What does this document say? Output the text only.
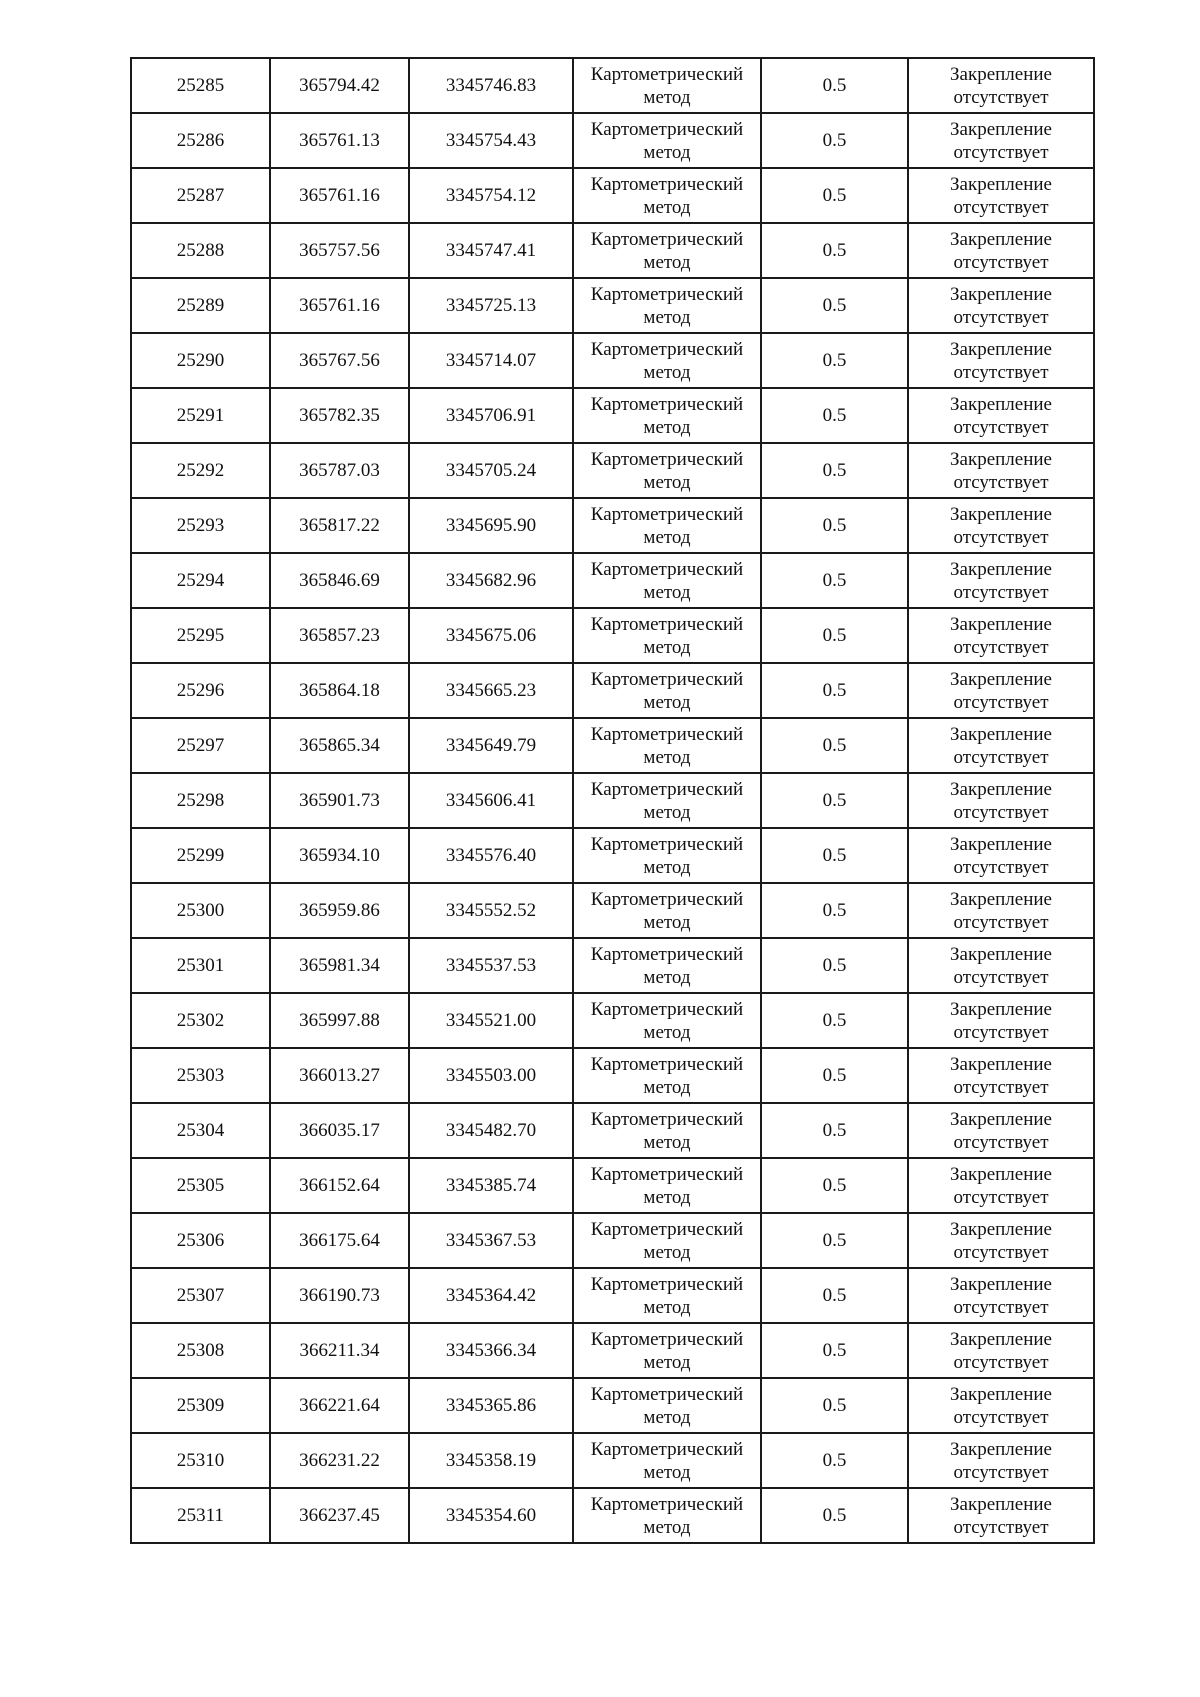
25285	365794.42	3345746.83	Картометрический
метод	0.5	Закрепление
отсутствует

25286	365761.13	3345754.43	Картометрический
метод	0.5	Закрепление
отсутствует

25287	365761.16	3345754.12	Картометрический
метод	0.5	Закрепление
отсутствует

25288	365757.56	3345747.41	Картометрический
метод	0.5	Закрепление
отсутствует

25289	365761.16	3345725.13	Картометрический
метод	0.5	Закрепление
отсутствует

25290	365767.56	3345714.07	Картометрический
метод	0.5	Закрепление
отсутствует

25291	365782.35	3345706.91	Картометрический
метод	0.5	Закрепление
отсутствует

25292	365787.03	3345705.24	Картометрический
метод	0.5	Закрепление
отсутствует

25293	365817.22	3345695.90	Картометрический
метод	0.5	Закрепление
отсутствует

25294	365846.69	3345682.96	Картометрический
метод	0.5	Закрепление
отсутствует

25295	365857.23	3345675.06	Картометрический
метод	0.5	Закрепление
отсутствует

25296	365864.18	3345665.23	Картометрический
метод	0.5	Закрепление
отсутствует

25297	365865.34	3345649.79	Картометрический
метод	0.5	Закрепление
отсутствует

25298	365901.73	3345606.41	Картометрический
метод	0.5	Закрепление
отсутствует

25299	365934.10	3345576.40	Картометрический
метод	0.5	Закрепление
отсутствует

25300	365959.86	3345552.52	Картометрический
метод	0.5	Закрепление
отсутствует

25301	365981.34	3345537.53	Картометрический
метод	0.5	Закрепление
отсутствует

25302	365997.88	3345521.00	Картометрический
метод	0.5	Закрепление
отсутствует

25303	366013.27	3345503.00	Картометрический
метод	0.5	Закрепление
отсутствует

25304	366035.17	3345482.70	Картометрический
метод	0.5	Закрепление
отсутствует

25305	366152.64	3345385.74	Картометрический
метод	0.5	Закрепление
отсутствует

25306	366175.64	3345367.53	Картометрический
метод	0.5	Закрепление
отсутствует

25307	366190.73	3345364.42	Картометрический
метод	0.5	Закрепление
отсутствует

25308	366211.34	3345366.34	Картометрический
метод	0.5	Закрепление
отсутствует

25309	366221.64	3345365.86	Картометрический
метод	0.5	Закрепление
отсутствует

25310	366231.22	3345358.19	Картометрический
метод	0.5	Закрепление
отсутствует

25311	366237.45	3345354.60	Картометрический
метод	0.5	Закрепление
отсутствует
